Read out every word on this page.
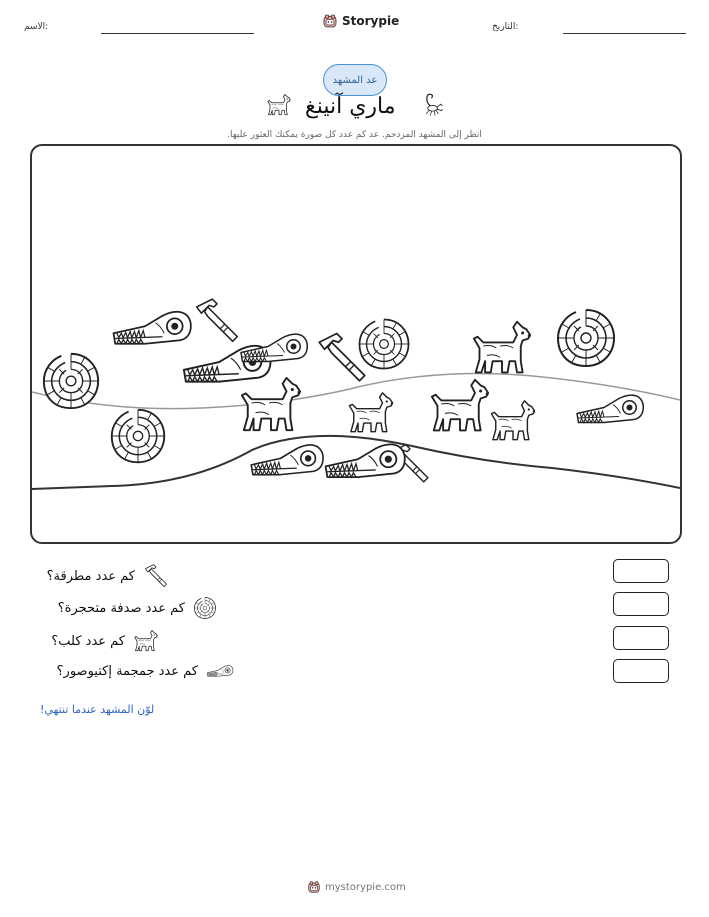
الاسم:	Storypie	التاريخ:
عد المشهد
ماري آنينغ
انظر إلى المشهد المزدحم. عد كم عدد كل صورة يمكنك العثور عليها.
كم عدد مطرقة؟
كم عدد صدفة متحجرة؟
كم عدد كلب؟
كم عدد جمجمة إكتيوصور؟
لوّن المشهد عندما تنتهي!
mystorypie.com
